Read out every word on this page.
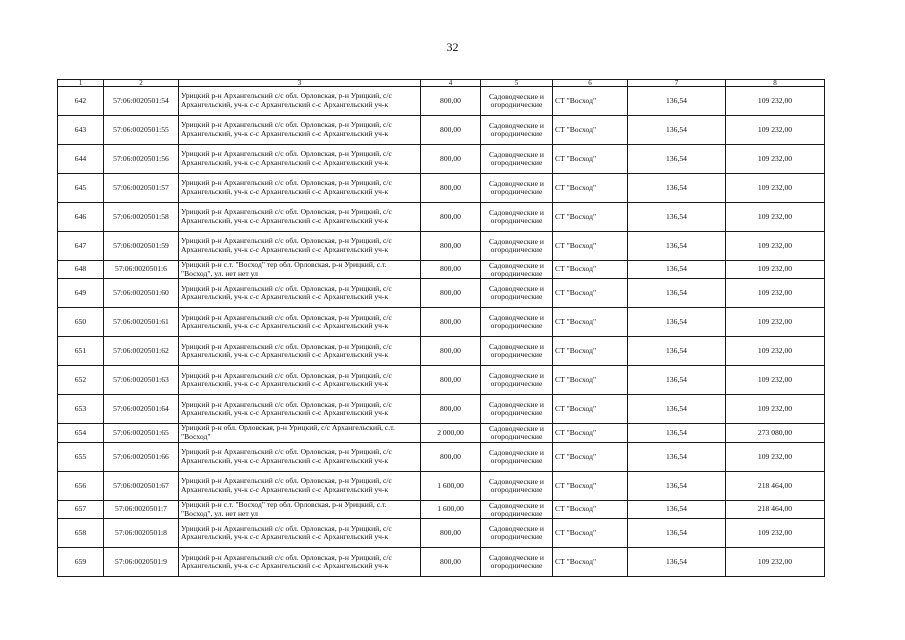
32
1	2	3	4	5	6	7	8
642	57:06:0020501:54	Урицкий р-н Архангельский с/с обл. Орловская, р-н Урицкий, с/с Архангельский, уч-к с-с Архангельский с-с Архангельский уч-к	800,00	Садоводческие и огороднические	СТ "Восход"	136,54	109 232,00
643	57:06:0020501:55	Урицкий р-н Архангельский с/с обл. Орловская, р-н Урицкий, с/с Архангельский, уч-к с-с Архангельский с-с Архангельский уч-к	800,00	Садоводческие и огороднические	СТ "Восход"	136,54	109 232,00
644	57:06:0020501:56	Урицкий р-н Архангельский с/с обл. Орловская, р-н Урицкий, с/с Архангельский, уч-к с-с Архангельский с-с Архангельский уч-к	800,00	Садоводческие и огороднические	СТ "Восход"	136,54	109 232,00
645	57:06:0020501:57	Урицкий р-н Архангельский с/с обл. Орловская, р-н Урицкий, с/с Архангельский, уч-к с-с Архангельский с-с Архангельский уч-к	800,00	Садоводческие и огороднические	СТ "Восход"	136,54	109 232,00
646	57:06:0020501:58	Урицкий р-н Архангельский с/с обл. Орловская, р-н Урицкий, с/с Архангельский, уч-к с-с Архангельский с-с Архангельский уч-к	800,00	Садоводческие и огороднические	СТ "Восход"	136,54	109 232,00
647	57:06:0020501:59	Урицкий р-н Архангельский с/с обл. Орловская, р-н Урицкий, с/с Архангельский, уч-к с-с Архангельский с-с Архангельский уч-к	800,00	Садоводческие и огороднические	СТ "Восход"	136,54	109 232,00
648	57:06:0020501:6	Урицкий р-н с.т. "Восход" тер обл. Орловская, р-н Урицкий, с.т. "Восход", ул. нет нет ул	800,00	Садоводческие и огороднические	СТ "Восход"	136,54	109 232,00
649	57:06:0020501:60	Урицкий р-н Архангельский с/с обл. Орловская, р-н Урицкий, с/с Архангельский, уч-к с-с Архангельский с-с Архангельский уч-к	800,00	Садоводческие и огороднические	СТ "Восход"	136,54	109 232,00
650	57:06:0020501:61	Урицкий р-н Архангельский с/с обл. Орловская, р-н Урицкий, с/с Архангельский, уч-к с-с Архангельский с-с Архангельский уч-к	800,00	Садоводческие и огороднические	СТ "Восход"	136,54	109 232,00
651	57:06:0020501:62	Урицкий р-н Архангельский с/с обл. Орловская, р-н Урицкий, с/с Архангельский, уч-к с-с Архангельский с-с Архангельский уч-к	800,00	Садоводческие и огороднические	СТ "Восход"	136,54	109 232,00
652	57:06:0020501:63	Урицкий р-н Архангельский с/с обл. Орловская, р-н Урицкий, с/с Архангельский, уч-к с-с Архангельский с-с Архангельский уч-к	800,00	Садоводческие и огороднические	СТ "Восход"	136,54	109 232,00
653	57:06:0020501:64	Урицкий р-н Архангельский с/с обл. Орловская, р-н Урицкий, с/с Архангельский, уч-к с-с Архангельский с-с Архангельский уч-к	800,00	Садоводческие и огороднические	СТ "Восход"	136,54	109 232,00
654	57:06:0020501:65	Урицкий р-н обл. Орловская, р-н Урицкий, с/с Архангельский, с.т. "Восход"	2 000,00	Садоводческие и огороднические	СТ "Восход"	136,54	273 080,00
655	57:06:0020501:66	Урицкий р-н Архангельский с/с обл. Орловская, р-н Урицкий, с/с Архангельский, уч-к с-с Архангельский с-с Архангельский уч-к	800,00	Садоводческие и огороднические	СТ "Восход"	136,54	109 232,00
656	57:06:0020501:67	Урицкий р-н Архангельский с/с обл. Орловская, р-н Урицкий, с/с Архангельский, уч-к с-с Архангельский с-с Архангельский уч-к	1 600,00	Садоводческие и огороднические	СТ "Восход"	136,54	218 464,00
657	57:06:0020501:7	Урицкий р-н с.т. "Восход" тер обл. Орловская, р-н Урицкий, с.т. "Восход", ул. нет нет ул	1 600,00	Садоводческие и огороднические	СТ "Восход"	136,54	218 464,00
658	57:06:0020501:8	Урицкий р-н Архангельский с/с обл. Орловская, р-н Урицкий, с/с Архангельский, уч-к с-с Архангельский с-с Архангельский уч-к	800,00	Садоводческие и огороднические	СТ "Восход"	136,54	109 232,00
659	57:06:0020501:9	Урицкий р-н Архангельский с/с обл. Орловская, р-н Урицкий, с/с Архангельский, уч-к с-с Архангельский с-с Архангельский уч-к	800,00	Садоводческие и огороднические	СТ "Восход"	136,54	109 232,00
